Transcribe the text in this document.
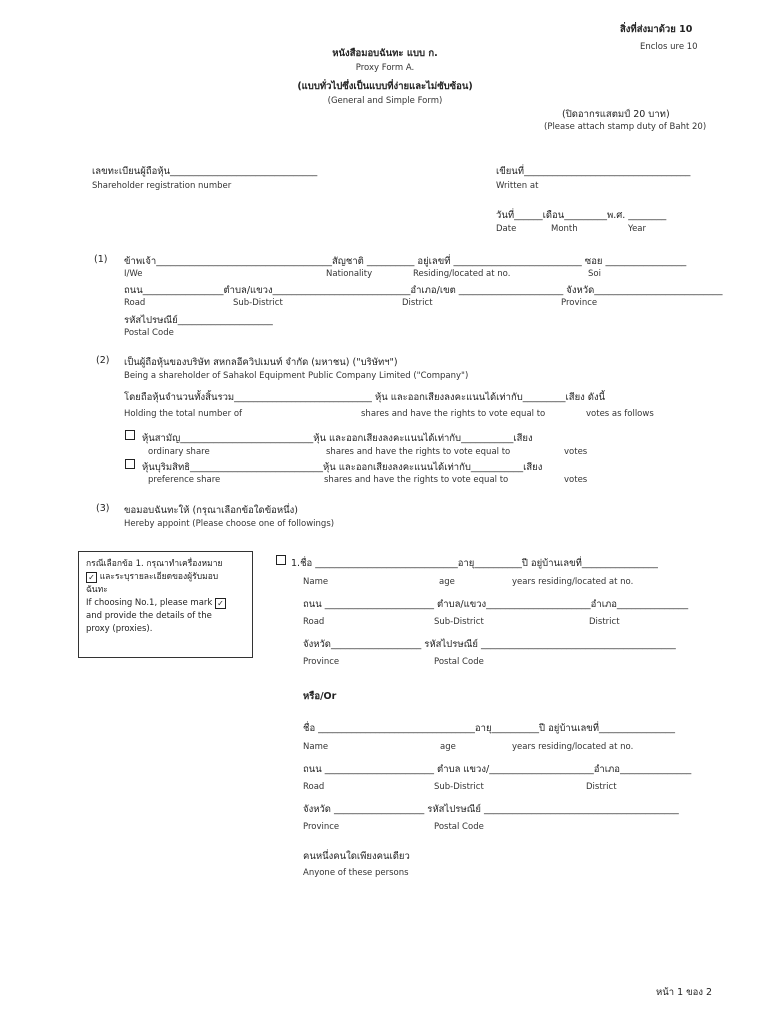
สิ่งที่ส่งมาด้วย 10
Enclos ure 10
หนังสือมอบฉันทะ แบบ ก.
Proxy Form A.
(แบบทั่วไปซึ่งเป็นแบบที่ง่ายและไม่ซับซ้อน)
(General and Simple Form)
(ปิดอากรแสตมป์ 20 บาท)
(Please attach stamp duty of Baht 20)
เลขทะเบียนผู้ถือหุ้น_______________________________
Shareholder registration number
เขียนที่___________________________________
Written at
วันที่______เดือน_________พ.ศ. ________
Date	Month	Year
(1) ข้าพเจ้า_____________________________________สัญชาติ __________ อยู่เลขที่ ___________________________ ซอย _________________
I/We	Nationality	Residing/located at no.	Soi
ถนน_________________ตำบล/แขวง_____________________________อำเภอ/เขต ______________________ จังหวัด___________________________
Road	Sub-District	District	Province
รหัสไปรษณีย์____________________
Postal Code
(2) เป็นผู้ถือหุ้นของบริษัท สหกลอีควิปเมนท์ จำกัด (มหาชน) ("บริษัทฯ")
Being a shareholder of Sahakol Equipment Public Company Limited ("Company")
โดยถือหุ้นจำนวนทั้งสิ้นรวม_____________________________ หุ้น และออกเสียงลงคะแนนได้เท่ากับ_________เสียง ดังนี้
Holding the total number of	shares and have the rights to vote equal to	votes as follows
หุ้นสามัญ____________________________หุ้น และออกเสียงลงคะแนนได้เท่ากับ___________เสียง
ordinary share	shares and have the rights to vote equal to	votes
หุ้นบุริมสิทธิ____________________________หุ้น และออกเสียงลงคะแนนได้เท่ากับ___________เสียง
preference share	shares and have the rights to vote equal to	votes
(3) ขอมอบฉันทะให้ (กรุณาเลือกข้อใดข้อหนึ่ง)
Hereby appoint (Please choose one of followings)
กรณีเลือกข้อ 1. กรุณาทำเครื่องหมาย
✓ และระบุรายละเอียดของผู้รับมอบ
ฉันทะ
If choosing No.1, please mark ✓
and provide the details of the
proxy (proxies).
1.ชื่อ ______________________________อายุ__________ปี อยู่บ้านเลขที่________________
Name	age	years residing/located at no.
ถนน _______________________ ตำบล/แขวง______________________อำเภอ_______________
Road	Sub-District	District
จังหวัด___________________ รหัสไปรษณีย์ _________________________________________
Province	Postal Code
หรือ/Or
ชื่อ _________________________________อายุ__________ปี อยู่บ้านเลขที่________________
Name	age	years residing/located at no.
ถนน _______________________ ตำบล แขวง/______________________อำเภอ_______________
Road	Sub-District	District
จังหวัด ___________________ รหัสไปรษณีย์ _________________________________________
Province	Postal Code
คนหนึ่งคนใดเพียงคนเดียว
Anyone of these persons
หน้า 1 ของ 2
